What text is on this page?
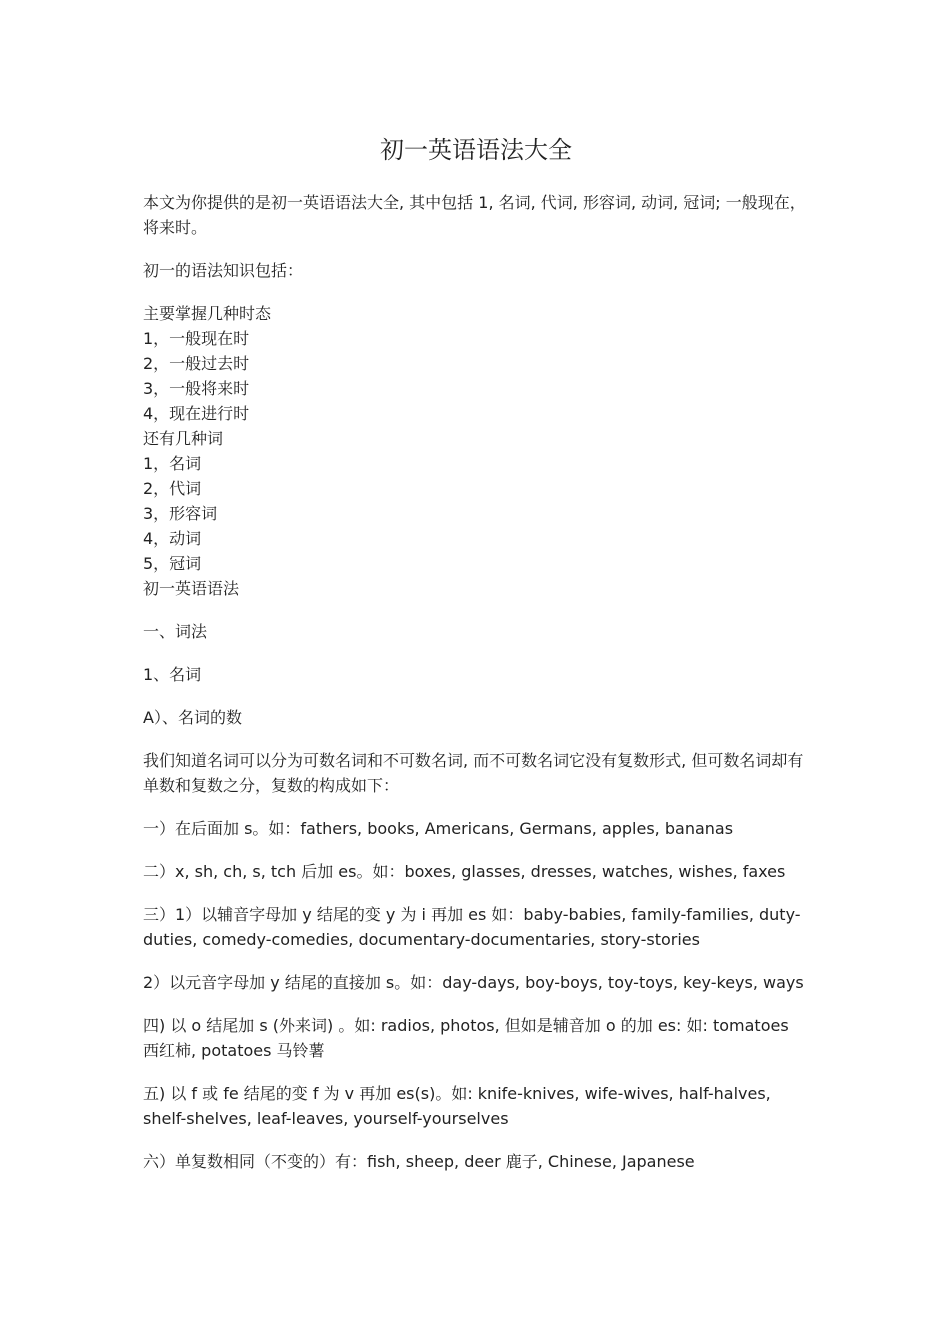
初一英语语法大全

本文为你提供的是初一英语语法大全, 其中包括 1, 名词, 代词, 形容词, 动词, 冠词; 一般现在，将来时。

初一的语法知识包括：

主要掌握几种时态

1，一般现在时

2，一般过去时

3，一般将来时

4，现在进行时

还有几种词

1，名词

2，代词

3，形容词

4，动词

5，冠词

初一英语语法

一、词法

1、名词

A）、名词的数

我们知道名词可以分为可数名词和不可数名词, 而不可数名词它没有复数形式, 但可数名词却有单数和复数之分，复数的构成如下：

一）在后面加 s。如：fathers, books, Americans, Germans, apples, bananas

二）x, sh, ch, s, tch 后加 es。如：boxes, glasses, dresses, watches, wishes, faxes

三）1）以辅音字母加 y 结尾的变 y 为 i 再加 es 如：baby-babies, family-families, duty-duties, comedy-comedies, documentary-documentaries, story-stories

2）以元音字母加 y 结尾的直接加 s。如：day-days, boy-boys, toy-toys, key-keys, ways

四) 以 o 结尾加 s (外来词) 。如: radios, photos, 但如是辅音加 o 的加 es: 如: tomatoes 西红柿, potatoes 马铃薯

五) 以 f 或 fe 结尾的变 f 为 v 再加 es(s)。如: knife-knives, wife-wives, half-halves, shelf-shelves, leaf-leaves, yourself-yourselves

六）单复数相同（不变的）有：fish, sheep, deer 鹿子, Chinese, Japanese
